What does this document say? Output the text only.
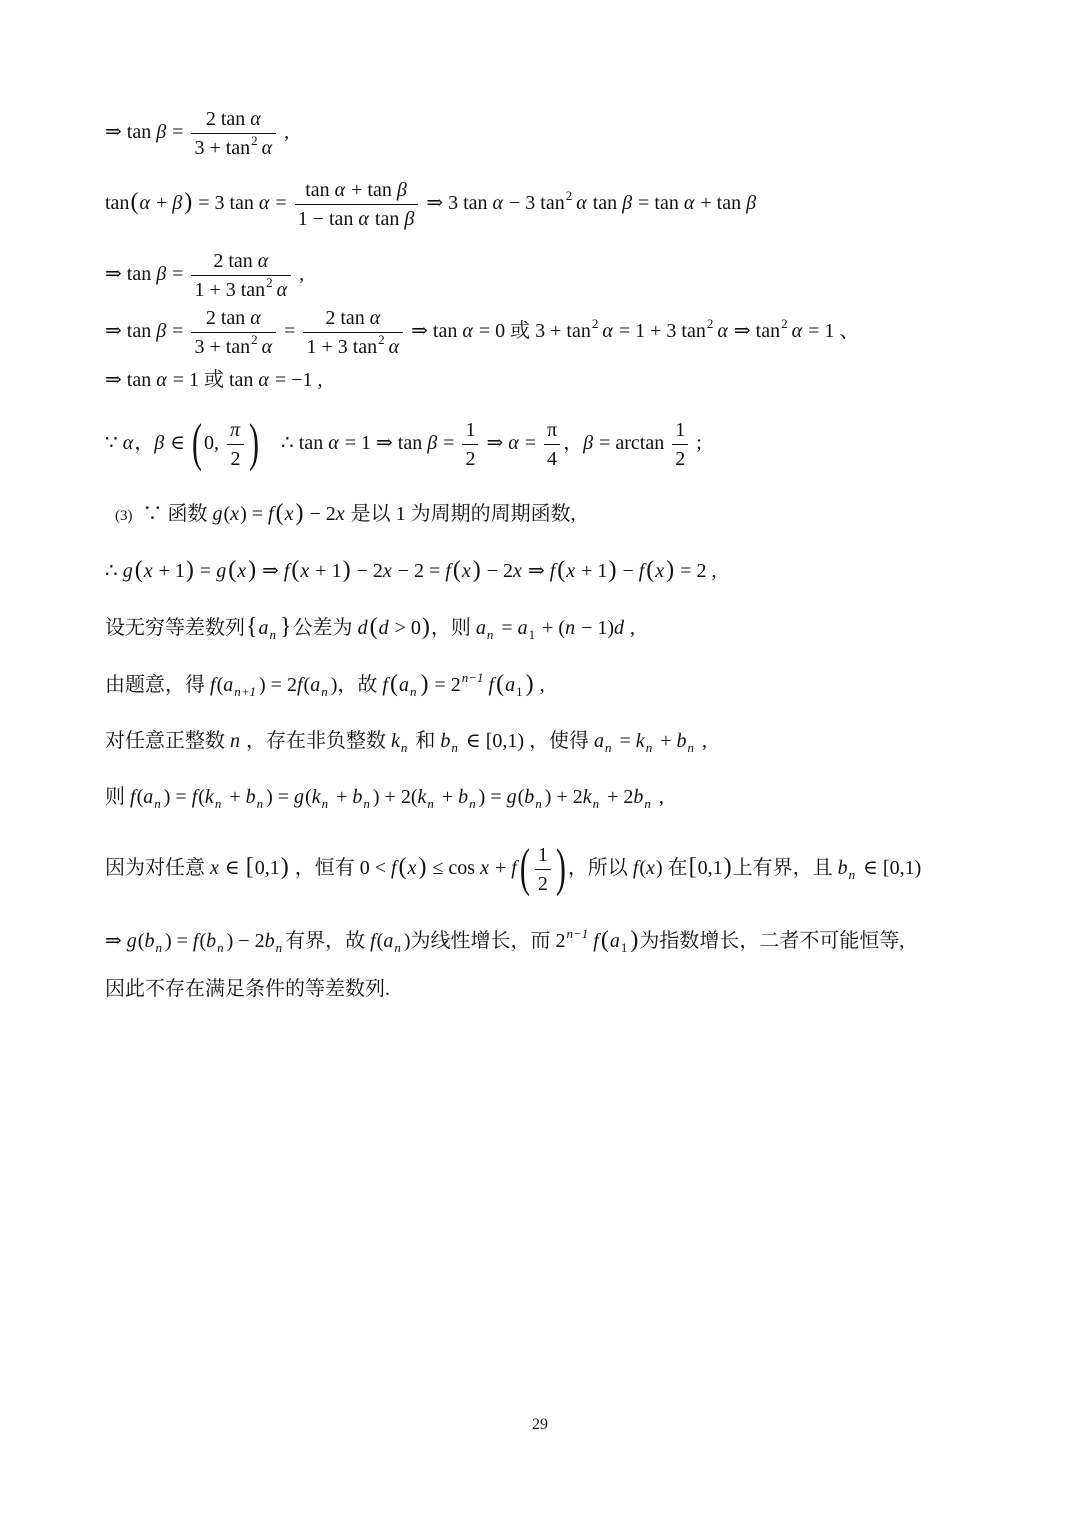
⇒ $\tan \beta = \frac{\text{2 tan α}}{3 + \tan^2 \alpha}$ ,
tan(α + β) = 3 $\tan \alpha = \frac{\text{tan α + tan β}}{\text{1 − tan α tan β}}$ ⇒ 3 tan α − 3 $\tan^2 \alpha$ tan β = tan α + tan β
⇒ $\tan \beta = \frac{\text{2 tan α}}{1 + 3 \tan^2 \alpha}$ ,
⇒ $\tan \beta = \frac{\text{2 tan α}}{3 + \tan^2 \alpha} = \frac{\text{2 tan α}}{1 + 3 \tan^2 \alpha}$ ⇒ tan α = 0 或 $3 + \tan^2 \alpha = 1 + 3$ $\tan^2 \alpha$ ⇒ $\tan^2 \alpha = 1$ 、
⇒ tan α = 1 或 tan α = −1 ,
∵ α，β ∈ ( 0, $\frac{\pi}{2}$ )    ∴ tan α = 1 ⇒ $\tan \beta = \frac{1}{2}$ ⇒ $\alpha = \frac{\pi}{4}$ ，$\beta = \arctan \frac{1}{2}$ ;
(3)  ∵ 函数 g(x) = f(x) − 2x 是以 1 为周期的周期函数,
∴ g(x + 1) = g(x) ⇒ f(x + 1) − 2x − 2 = f(x) − 2x ⇒ f(x + 1) − f(x) = 2 ,
设无穷等差数列{$a_n$ }公差为 d(d > 0)，则 $a_n = a_1 + (n - 1)d$ ,
由题意，得 $f(a_{n+1}$ ) = $2f(a_n$ )，故 $f(a_n$ ) = $2^{n-1}$ $f(a_1$ ) ,
对任意正整数 n ，存在非负整数 $k_n$ 和 $b_n$ ∈ [0,1) ，使得 $a_n = k_n + b_n$ ,
则 $f(a_n$ ) = $f(k_n + b_n$ ) = $g(k_n + b_n$ ) + $2(k_n + b_n$ ) = $g(b_n$ ) + $2k_n + 2b_n$ ,
因为对任意 x ∈ [0,1) ，恒有 0 < f(x) ≤ cos x + f ( $\frac{1}{2}$ ) ，所以 f(x) 在[0,1)上有界，且 $b_n$ ∈ [0,1)
⇒ $g(b_n$ ) = $f(b_n$ ) − $2b_n$ 有界，故 $f(a_n$ )为线性增长，而 $2^{n-1}$ $f(a_1$ )为指数增长，二者不可能恒等,
因此不存在满足条件的等差数列.
29
